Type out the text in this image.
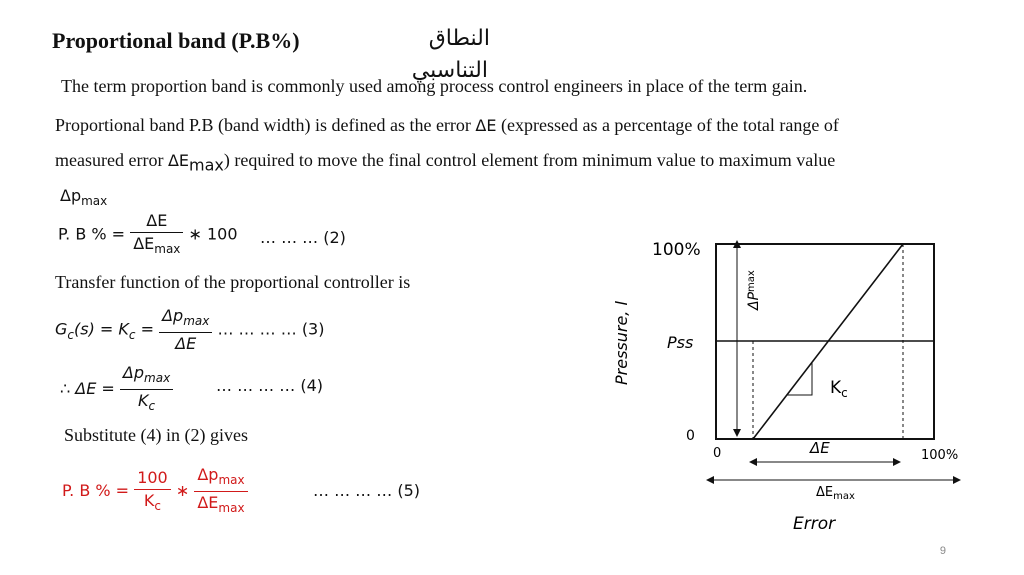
Proportional band (P.B%)	النطاق
التناسبي
The term proportion band is commonly used among process control engineers in place of the term gain.
Proportional band P.B (band width) is defined as the error ΔE (expressed as a percentage of the total range of
measured error $\Delta E_{max}$) required to move the final control element from minimum value to maximum value
$\Delta p_{max}$
P. B % = $\frac{\Delta E}{\Delta E_{max}}$ ∗ 100 … … … (2)
Transfer function of the proportional controller is
$G_c(s) = K_c = \frac{\Delta p_{max}}{\Delta E}$ … … … … (3)
∴ $\Delta E = \frac{\Delta p_{max}}{K_c}$	… … … … (4)
Substitute (4) in (2) gives
P. B % = $\frac{100}{K_c}$ ∗ $\frac{\Delta p_{max}}{\Delta E_{max}}$	… … … … (5)
100%
Pss
0
0	100%
ΔE
$\Delta E_{max}$
Error
$K_c$
$\Delta P^{max}$
Pressure, l
9
